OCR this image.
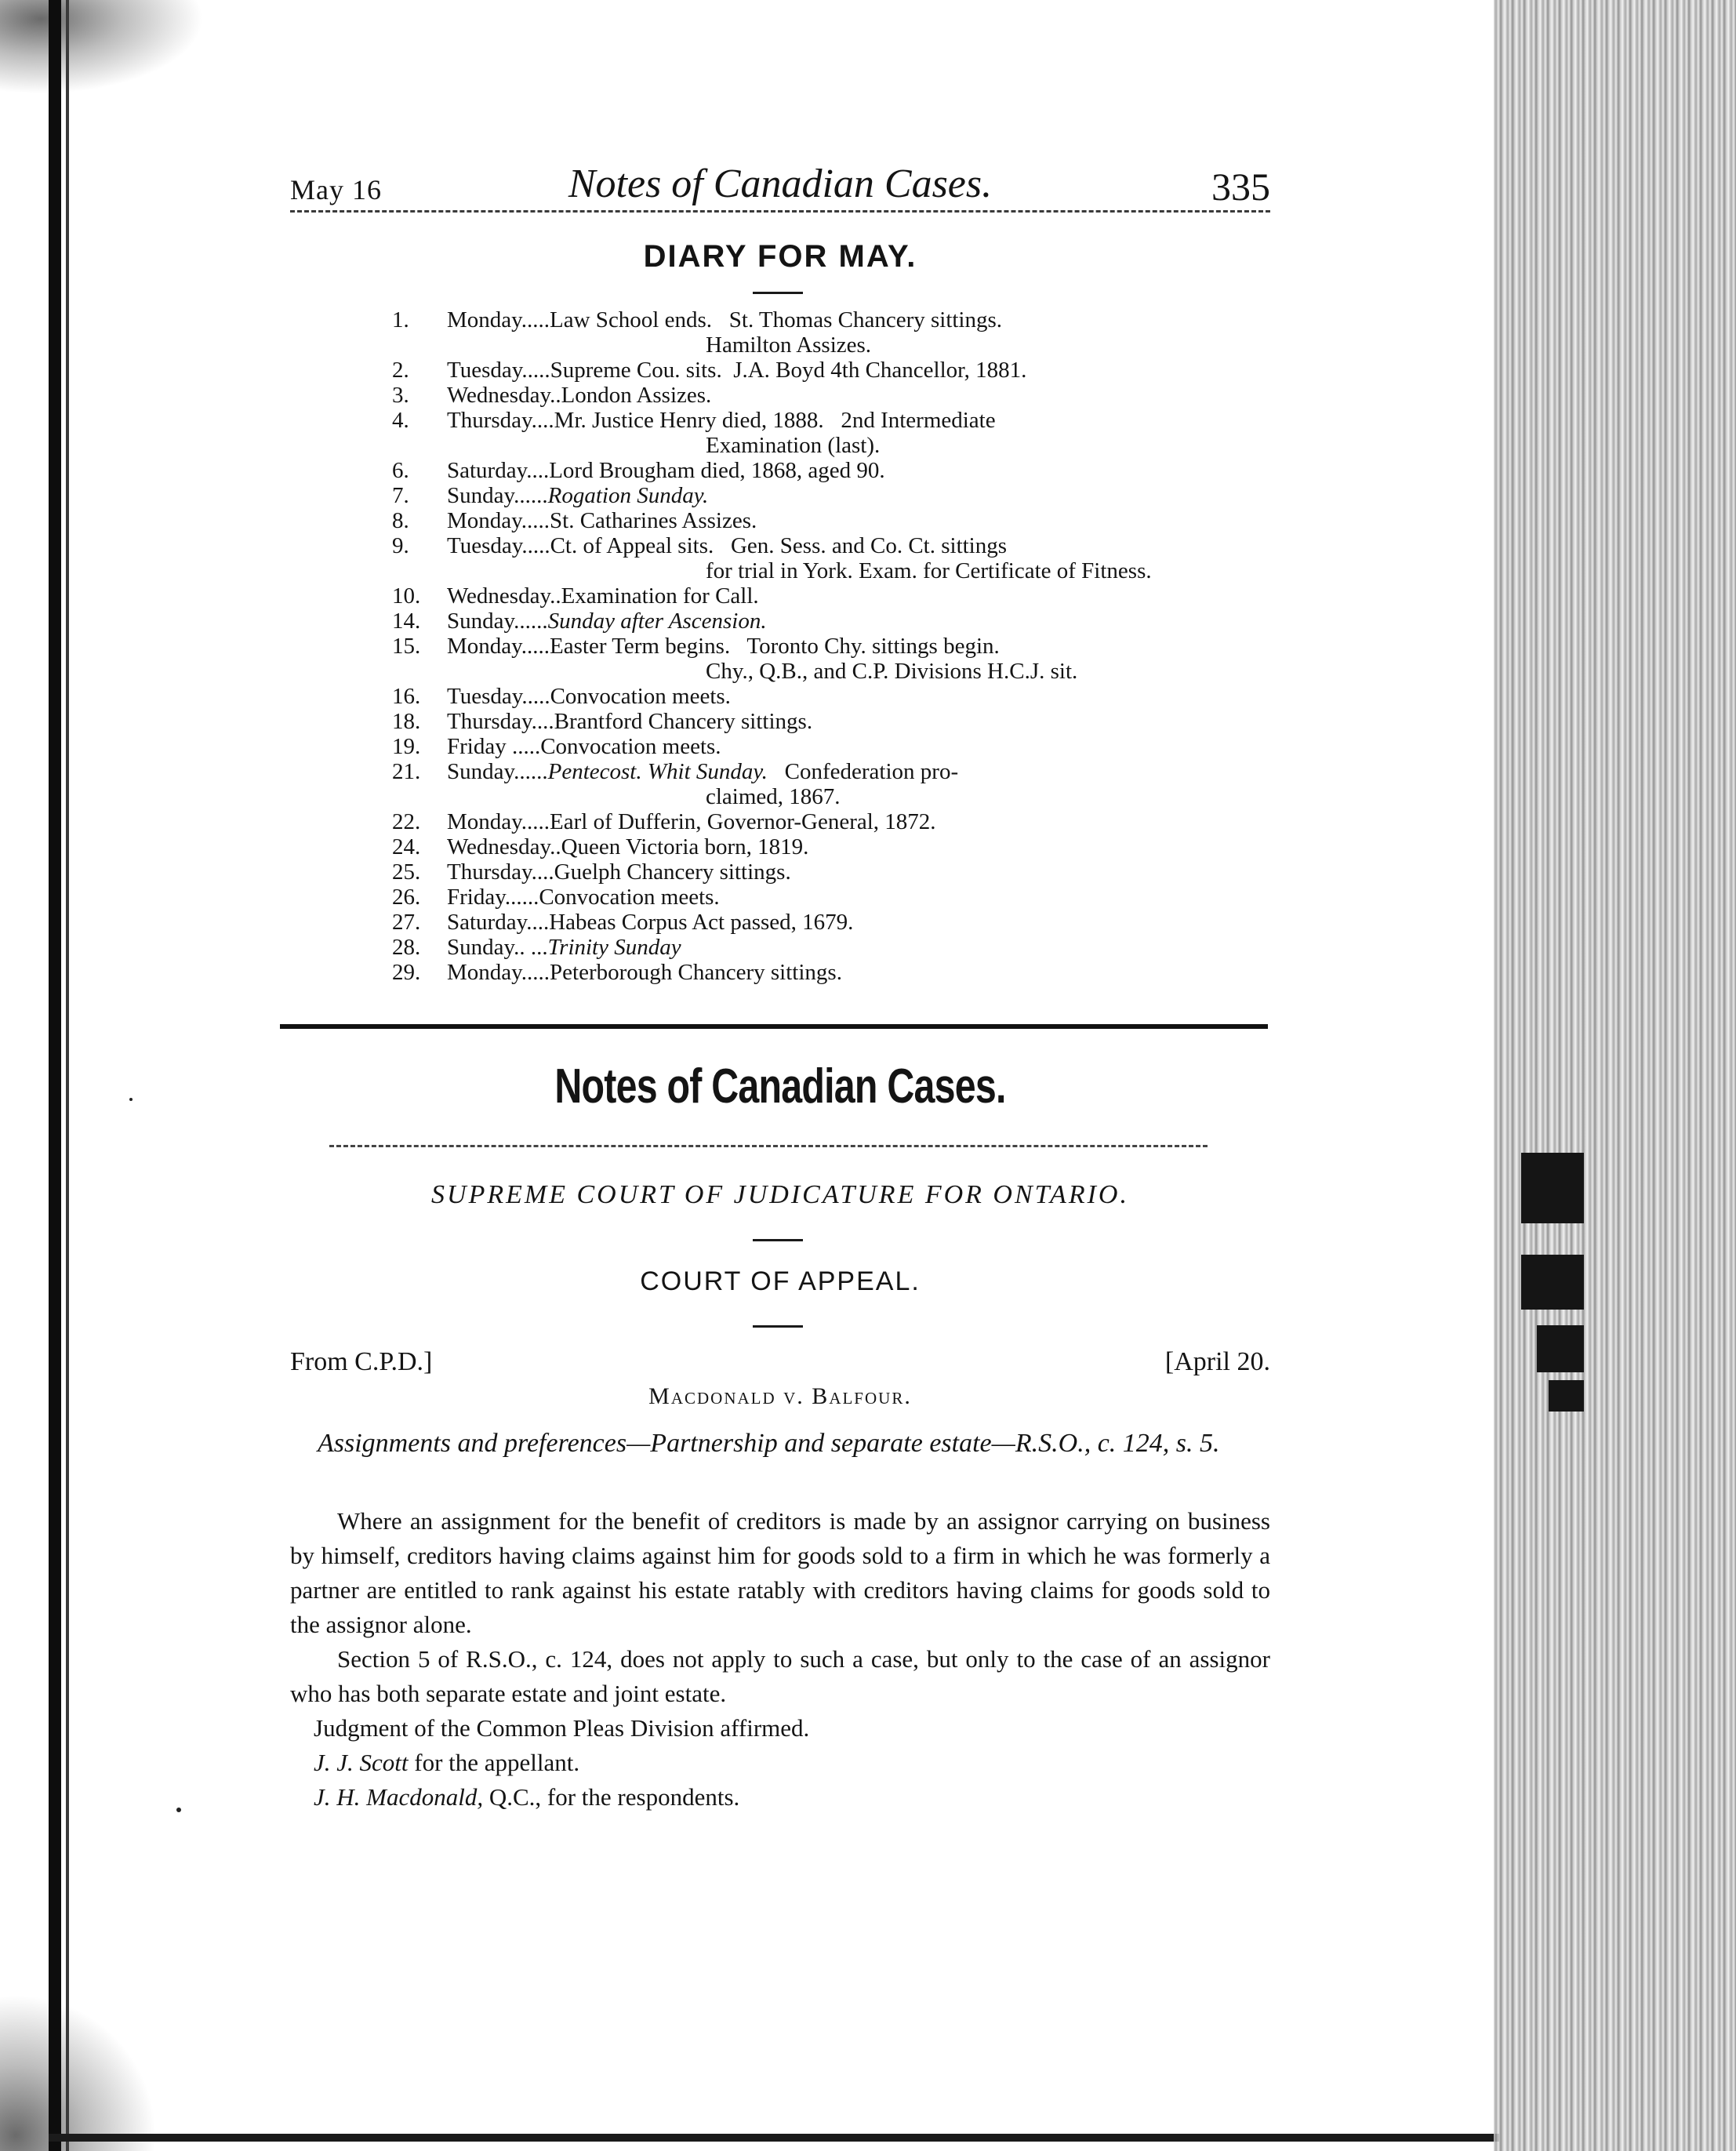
May 16	Notes of Canadian Cases.	335
DIARY FOR MAY.
1.	Monday.....Law School ends.   St. Thomas Chancery sittings.
Hamilton Assizes.
2.	Tuesday.....Supreme Cou. sits.  J.A. Boyd 4th Chancellor, 1881.
3.	Wednesday..London Assizes.
4.	Thursday....Mr. Justice Henry died, 1888.   2nd Intermediate
Examination (last).
6.	Saturday....Lord Brougham died, 1868, aged 90.
7.	Sunday......Rogation Sunday.
8.	Monday.....St. Catharines Assizes.
9.	Tuesday.....Ct. of Appeal sits.   Gen. Sess. and Co. Ct. sittings
for trial in York. Exam. for Certificate of Fitness.
10.	Wednesday..Examination for Call.
14.	Sunday......Sunday after Ascension.
15.	Monday.....Easter Term begins.   Toronto Chy. sittings begin.
Chy., Q.B., and C.P. Divisions H.C.J. sit.
16.	Tuesday.....Convocation meets.
18.	Thursday....Brantford Chancery sittings.
19.	Friday .....Convocation meets.
21.	Sunday......Pentecost. Whit Sunday.   Confederation pro-
claimed, 1867.
22.	Monday.....Earl of Dufferin, Governor-General, 1872.
24.	Wednesday..Queen Victoria born, 1819.
25.	Thursday....Guelph Chancery sittings.
26.	Friday......Convocation meets.
27.	Saturday....Habeas Corpus Act passed, 1679.
28.	Sunday.. ...Trinity Sunday
29.	Monday.....Peterborough Chancery sittings.
Notes of Canadian Cases.
SUPREME COURT OF JUDICATURE FOR ONTARIO.
COURT OF APPEAL.
From C.P.D.]	[April 20.
Macdonald v. Balfour.
Assignments and preferences—Partnership and separate estate—R.S.O., c. 124, s. 5.

Where an assignment for the benefit of creditors is made by an assignor carrying on business by himself, creditors having claims against him for goods sold to a firm in which he was formerly a partner are entitled to rank against his estate ratably with creditors having claims for goods sold to the assignor alone.

Section 5 of R.S.O., c. 124, does not apply to such a case, but only to the case of an assignor who has both separate estate and joint estate.

Judgment of the Common Pleas Division affirmed.

J. J. Scott for the appellant.

J. H. Macdonald, Q.C., for the respondents.
